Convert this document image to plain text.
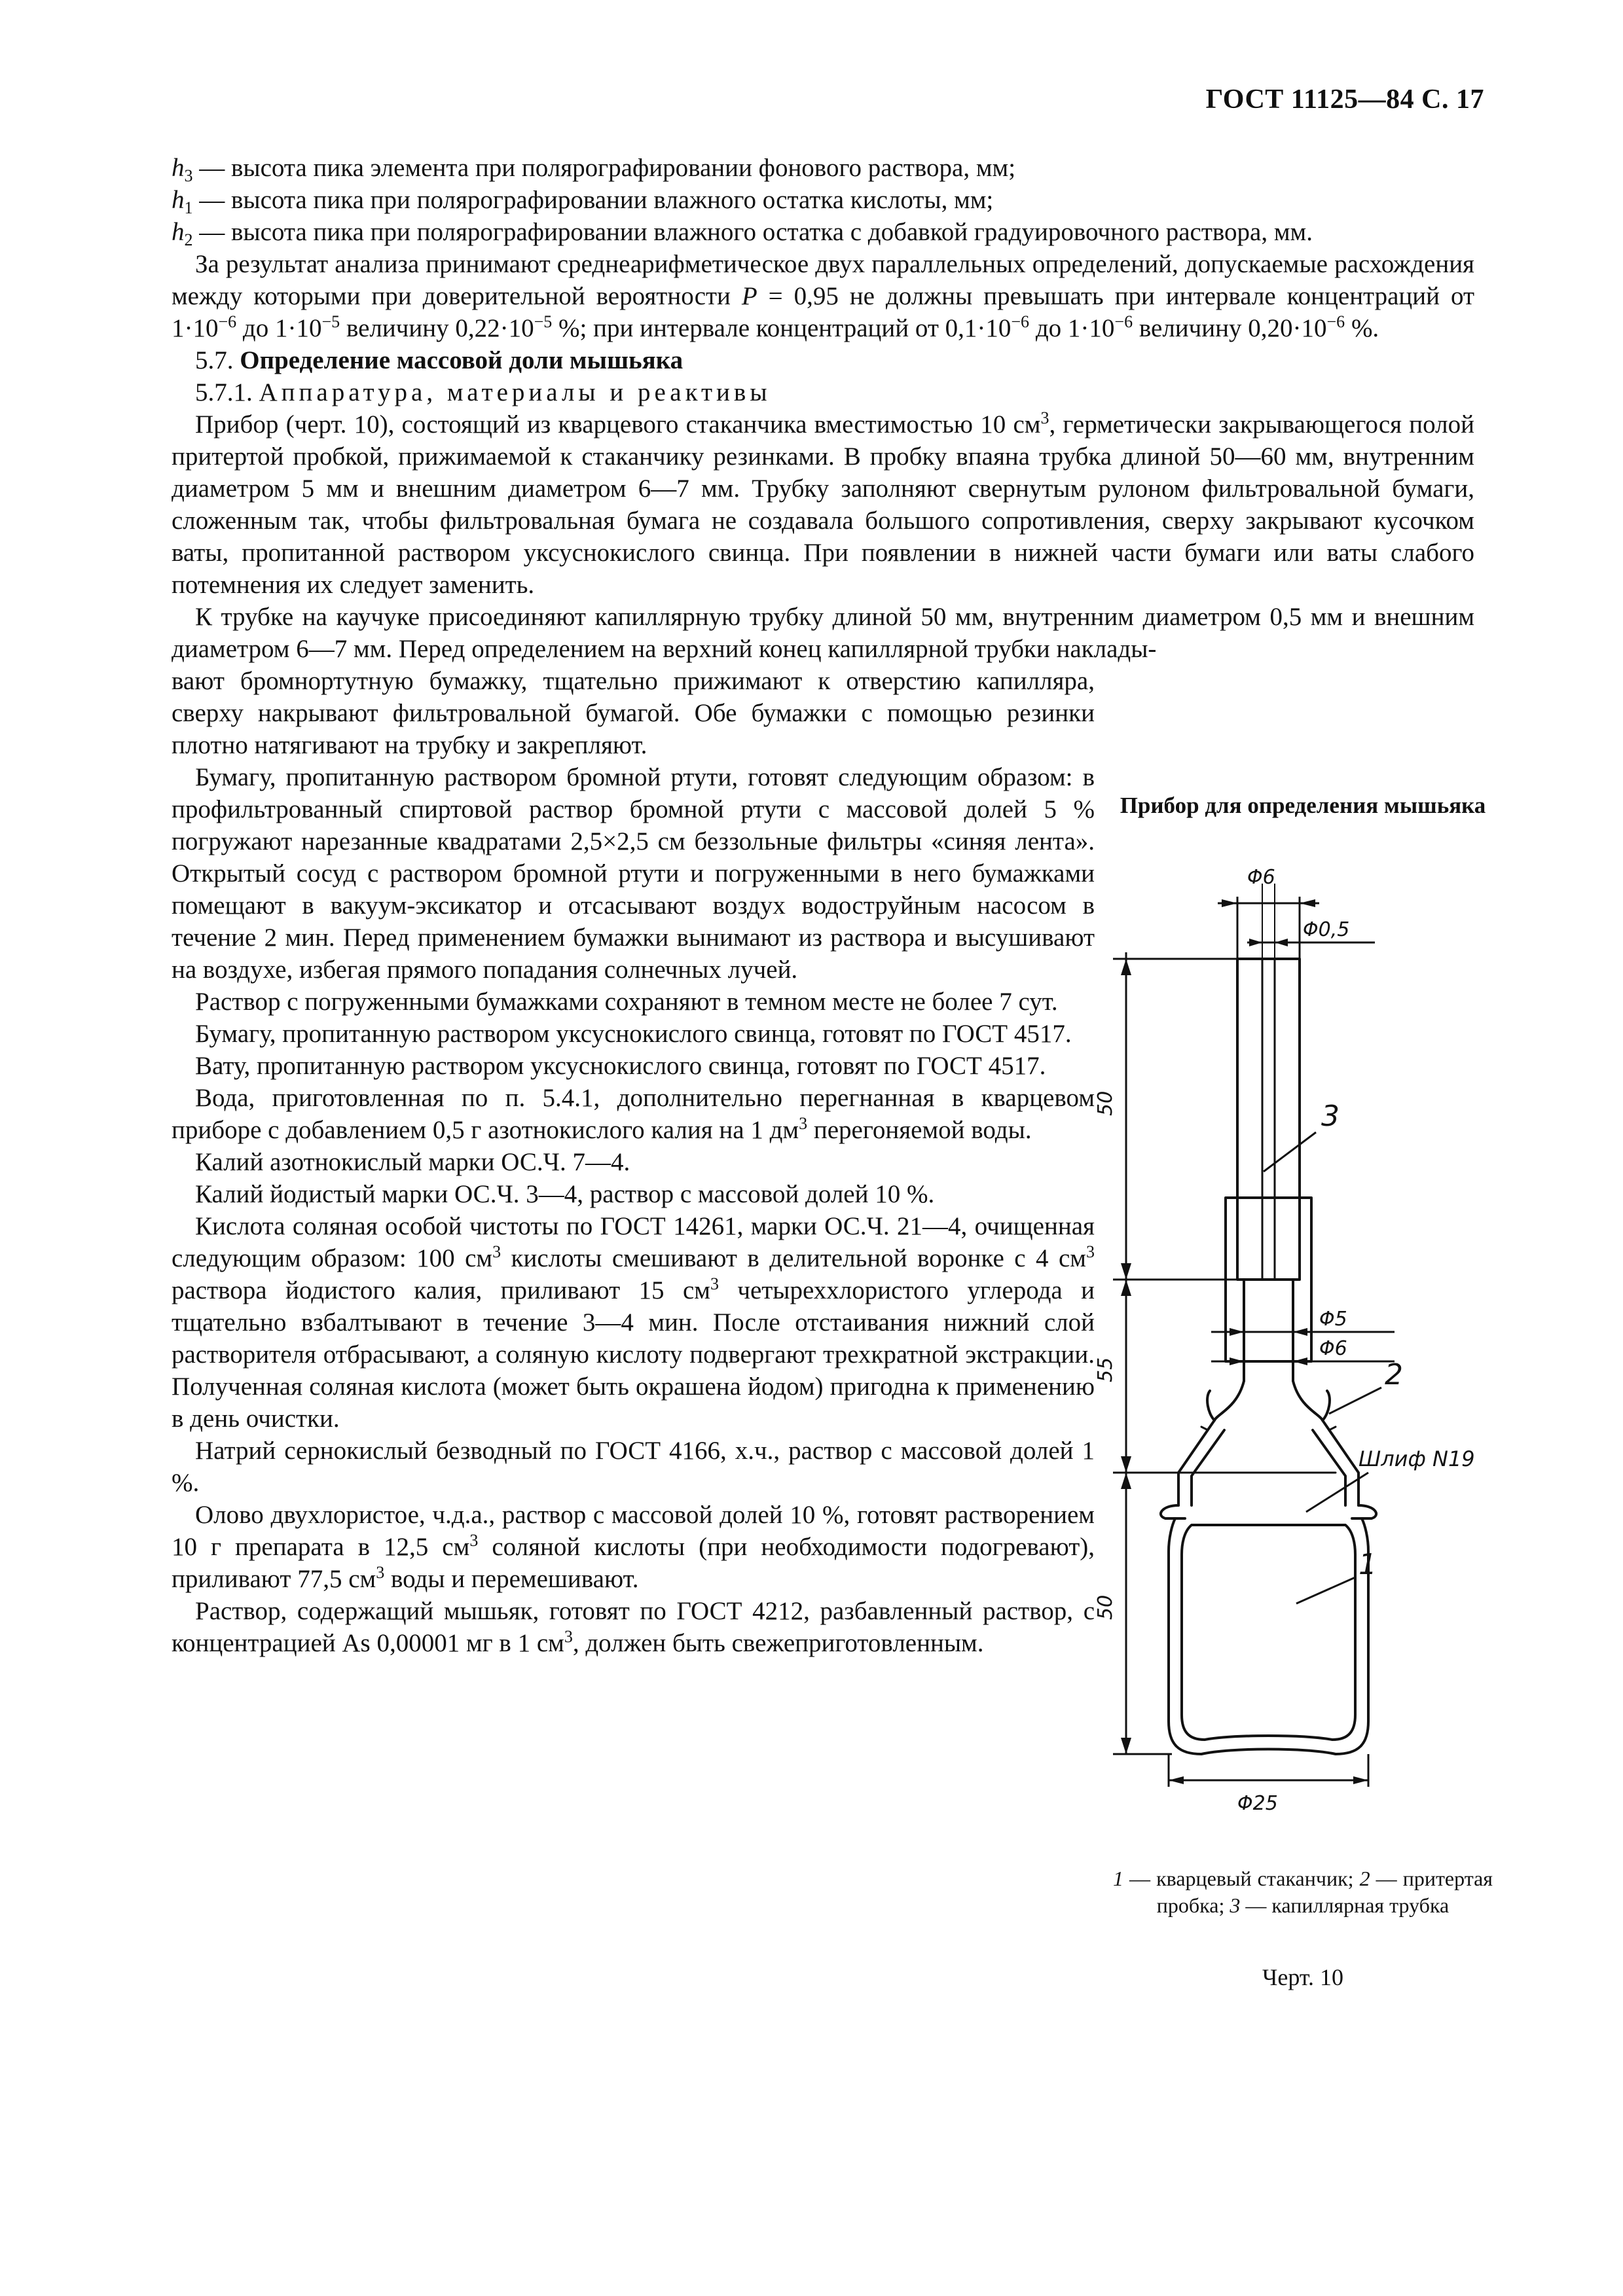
ГОСТ 11125—84 С. 17

$h_3$ — высота пика элемента при полярографировании фонового раствора, мм;

$h_1$ — высота пика при полярографировании влажного остатка кислоты, мм;

$h_2$ — высота пика при полярографировании влажного остатка с добавкой градуировочного раствора, мм.

За результат анализа принимают среднеарифметическое двух параллельных определений, допускаемые расхождения между которыми при доверительной вероятности P = 0,95 не должны превышать при интервале концентраций от $1\cdot 10^{-6}$ до $1\cdot 10^{-5}$ величину $0,22\cdot 10^{-5}$ %; при интервале концентраций от $0,1\cdot 10^{-6}$ до $1\cdot 10^{-6}$ величину $0,20\cdot 10^{-6}$ %.

5.7. Определение массовой доли мышьяка

5.7.1. Аппаратура, материалы и реактивы

Прибор (черт. 10), состоящий из кварцевого стаканчика вместимостью 10 $см^3$, герметически закрывающегося полой притертой пробкой, прижимаемой к стаканчику резинками. В пробку впаяна трубка длиной 50—60 мм, внутренним диаметром 5 мм и внешним диаметром 6—7 мм. Трубку заполняют свернутым рулоном фильтровальной бумаги, сложенным так, чтобы фильтровальная бумага не создавала большого сопротивления, сверху закрывают кусочком ваты, пропитанной раствором уксуснокислого свинца. При появлении в нижней части бумаги или ваты слабого потемнения их следует заменить.

К трубке на каучуке присоединяют капиллярную трубку длиной 50 мм, внутренним диаметром 0,5 мм и внешним диаметром 6—7 мм. Перед определением на верхний конец капиллярной трубки наклады-

вают бромнортутную бумажку, тщательно прижимают к отверстию капилляра, сверху накрывают фильтровальной бумагой. Обе бумажки с помощью резинки плотно натягивают на трубку и закрепляют.

Бумагу, пропитанную раствором бромной ртути, готовят следующим образом: в профильтрованный спиртовой раствор бромной ртути с массовой долей 5 % погружают нарезанные квадратами 2,5×2,5 см беззольные фильтры «синяя лента». Открытый сосуд с раствором бромной ртути и погруженными в него бумажками помещают в вакуум-эксикатор и отсасывают воздух водоструйным насосом в течение 2 мин. Перед применением бумажки вынимают из раствора и высушивают на воздухе, избегая прямого попадания солнечных лучей.

Раствор с погруженными бумажками сохраняют в темном месте не более 7 сут.

Бумагу, пропитанную раствором уксуснокислого свинца, готовят по ГОСТ 4517.

Вату, пропитанную раствором уксуснокислого свинца, готовят по ГОСТ 4517.

Вода, приготовленная по п. 5.4.1, дополнительно перегнанная в кварцевом приборе с добавлением 0,5 г азотнокислого калия на 1 $дм^3$ перегоняемой воды.

Калий азотнокислый марки ОС.Ч. 7—4.

Калий йодистый марки ОС.Ч. 3—4, раствор с массовой долей 10 %.

Кислота соляная особой чистоты по ГОСТ 14261, марки ОС.Ч. 21—4, очищенная следующим образом: 100 $см^3$ кислоты смешивают в делительной воронке с 4 $см^3$ раствора йодистого калия, приливают 15 $см^3$ четыреххлористого углерода и тщательно взбалтывают в течение 3—4 мин. После отстаивания нижний слой растворителя отбрасывают, а соляную кислоту подвергают трехкратной экстракции. Полученная соляная кислота (может быть окрашена йодом) пригодна к применению в день очистки.

Натрий сернокислый безводный по ГОСТ 4166, х.ч., раствор с массовой долей 1 %.

Олово двухлористое, ч.д.а., раствор с массовой долей 10 %, готовят растворением 10 г препарата в 12,5 $см^3$ соляной кислоты (при необходимости подогревают), приливают 77,5 $см^3$ воды и перемешивают.

Раствор, содержащий мышьяк, готовят по ГОСТ 4212, разбавленный раствор, с концентрацией As 0,00001 мг в 1 $см^3$, должен быть свежеприготовленным.

Прибор для определения мышьяка
Φ6
Φ0,5
50
55
50
Φ5
Φ6
Φ25
3
2
Шлиф N19
1
1 — кварцевый стаканчик; 2 — притертая пробка; 3 — капиллярная трубка
Черт. 10
